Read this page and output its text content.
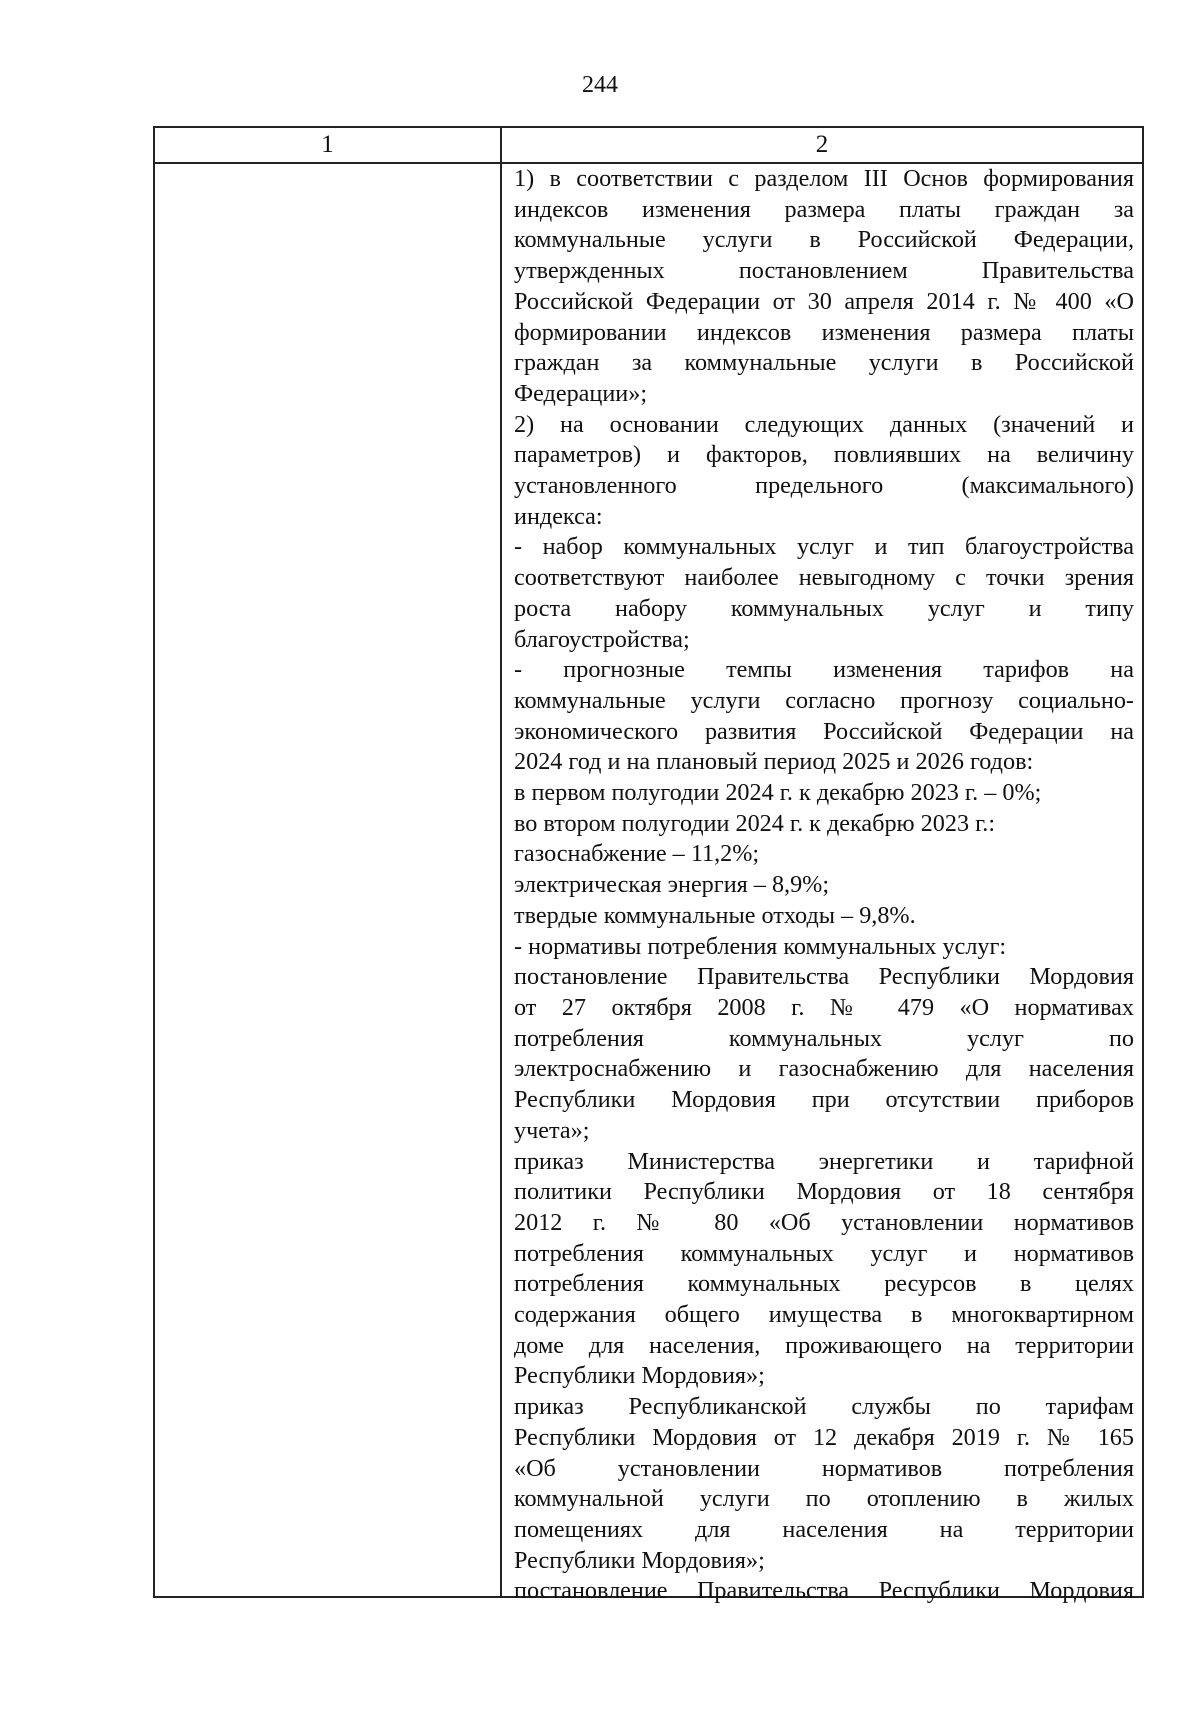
244
1	2

1) в соответствии с разделом III Основ формирования

индексов изменения размера платы граждан за

коммунальные услуги в Российской Федерации,

утвержденных постановлением Правительства

Российской Федерации от 30 апреля 2014 г. № 400 «О

формировании индексов изменения размера платы

граждан за коммунальные услуги в Российской

Федерации»;

2) на основании следующих данных (значений и

параметров) и факторов, повлиявших на величину

установленного предельного (максимального)

индекса:

- набор коммунальных услуг и тип благоустройства

соответствуют наиболее невыгодному с точки зрения

роста набору коммунальных услуг и типу

благоустройства;

- прогнозные темпы изменения тарифов на

коммунальные услуги согласно прогнозу социально-

экономического развития Российской Федерации на

2024 год и на плановый период 2025 и 2026 годов:

в первом полугодии 2024 г. к декабрю 2023 г. – 0%;

во втором полугодии 2024 г. к декабрю 2023 г.:

газоснабжение – 11,2%;

электрическая энергия – 8,9%;

твердые коммунальные отходы – 9,8%.

- нормативы потребления коммунальных услуг:

постановление Правительства Республики Мордовия

от 27 октября 2008 г. № 479 «О нормативах

потребления коммунальных услуг по

электроснабжению и газоснабжению для населения

Республики Мордовия при отсутствии приборов

учета»;

приказ Министерства энергетики и тарифной

политики Республики Мордовия от 18 сентября

2012 г. № 80 «Об установлении нормативов

потребления коммунальных услуг и нормативов

потребления коммунальных ресурсов в целях

содержания общего имущества в многоквартирном

доме для населения, проживающего на территории

Республики Мордовия»;

приказ Республиканской службы по тарифам

Республики Мордовия от 12 декабря 2019 г. № 165

«Об установлении нормативов потребления

коммунальной услуги по отоплению в жилых

помещениях для населения на территории

Республики Мордовия»;

постановление Правительства Республики Мордовия
